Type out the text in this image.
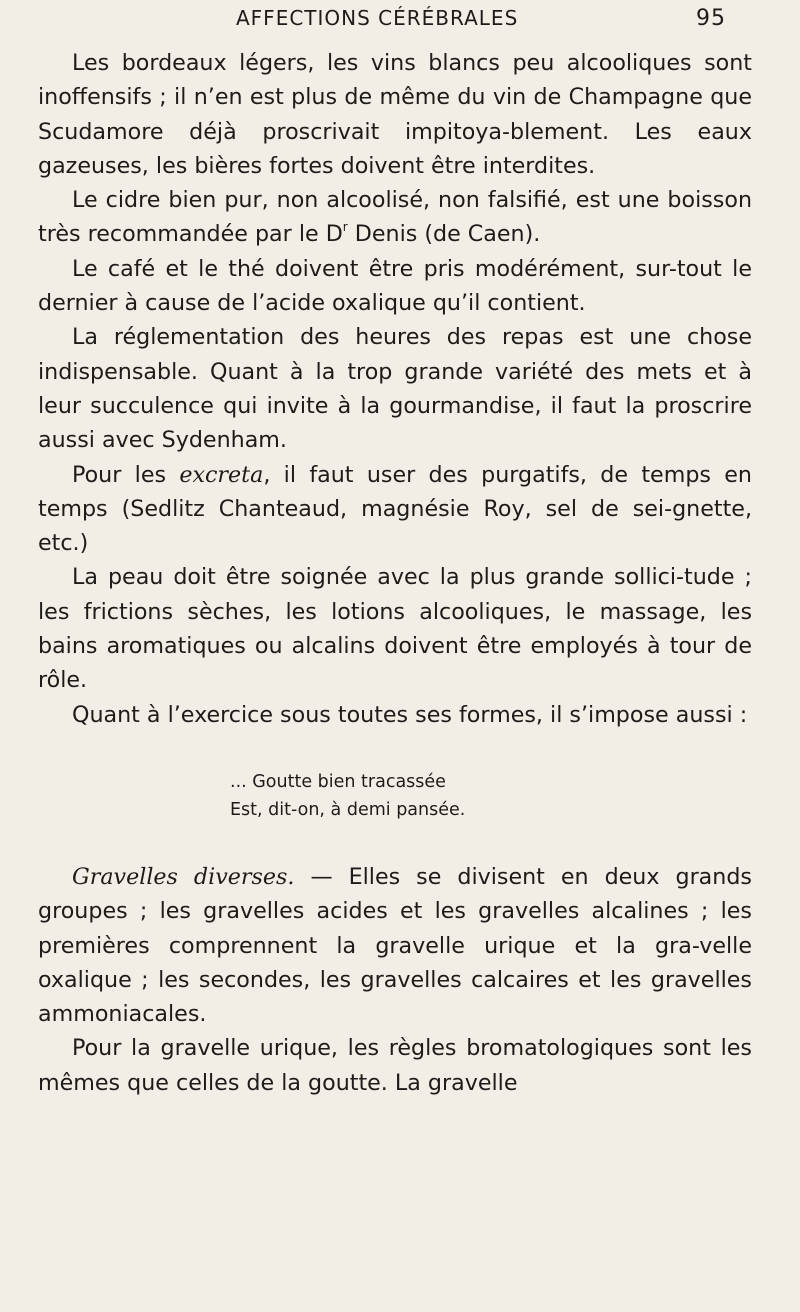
AFFECTIONS CÉRÉBRALES	95

Les bordeaux légers, les vins blancs peu alcooliques sont inoffensifs ; il n’en est plus de même du vin de Champagne que Scudamore déjà proscrivait impitoya-blement. Les eaux gazeuses, les bières fortes doivent être interdites.

Le cidre bien pur, non alcoolisé, non falsifié, est une boisson très recommandée par le $D^r$ Denis (de Caen).

Le café et le thé doivent être pris modérément, sur-tout le dernier à cause de l’acide oxalique qu’il contient.

La réglementation des heures des repas est une chose indispensable. Quant à la trop grande variété des mets et à leur succulence qui invite à la gourmandise, il faut la proscrire aussi avec Sydenham.

Pour les excreta, il faut user des purgatifs, de temps en temps (Sedlitz Chanteaud, magnésie Roy, sel de sei-gnette, etc.)

La peau doit être soignée avec la plus grande sollici-tude ; les frictions sèches, les lotions alcooliques, le massage, les bains aromatiques ou alcalins doivent être employés à tour de rôle.

Quant à l’exercice sous toutes ses formes, il s’impose aussi :

... Goutte bien tracassée
Est, dit-on, à demi pansée.

Gravelles diverses. — Elles se divisent en deux grands groupes ; les gravelles acides et les gravelles alcalines ; les premières comprennent la gravelle urique et la gra-velle oxalique ; les secondes, les gravelles calcaires et les gravelles ammoniacales.

Pour la gravelle urique, les règles bromatologiques sont les mêmes que celles de la goutte. La gravelle
